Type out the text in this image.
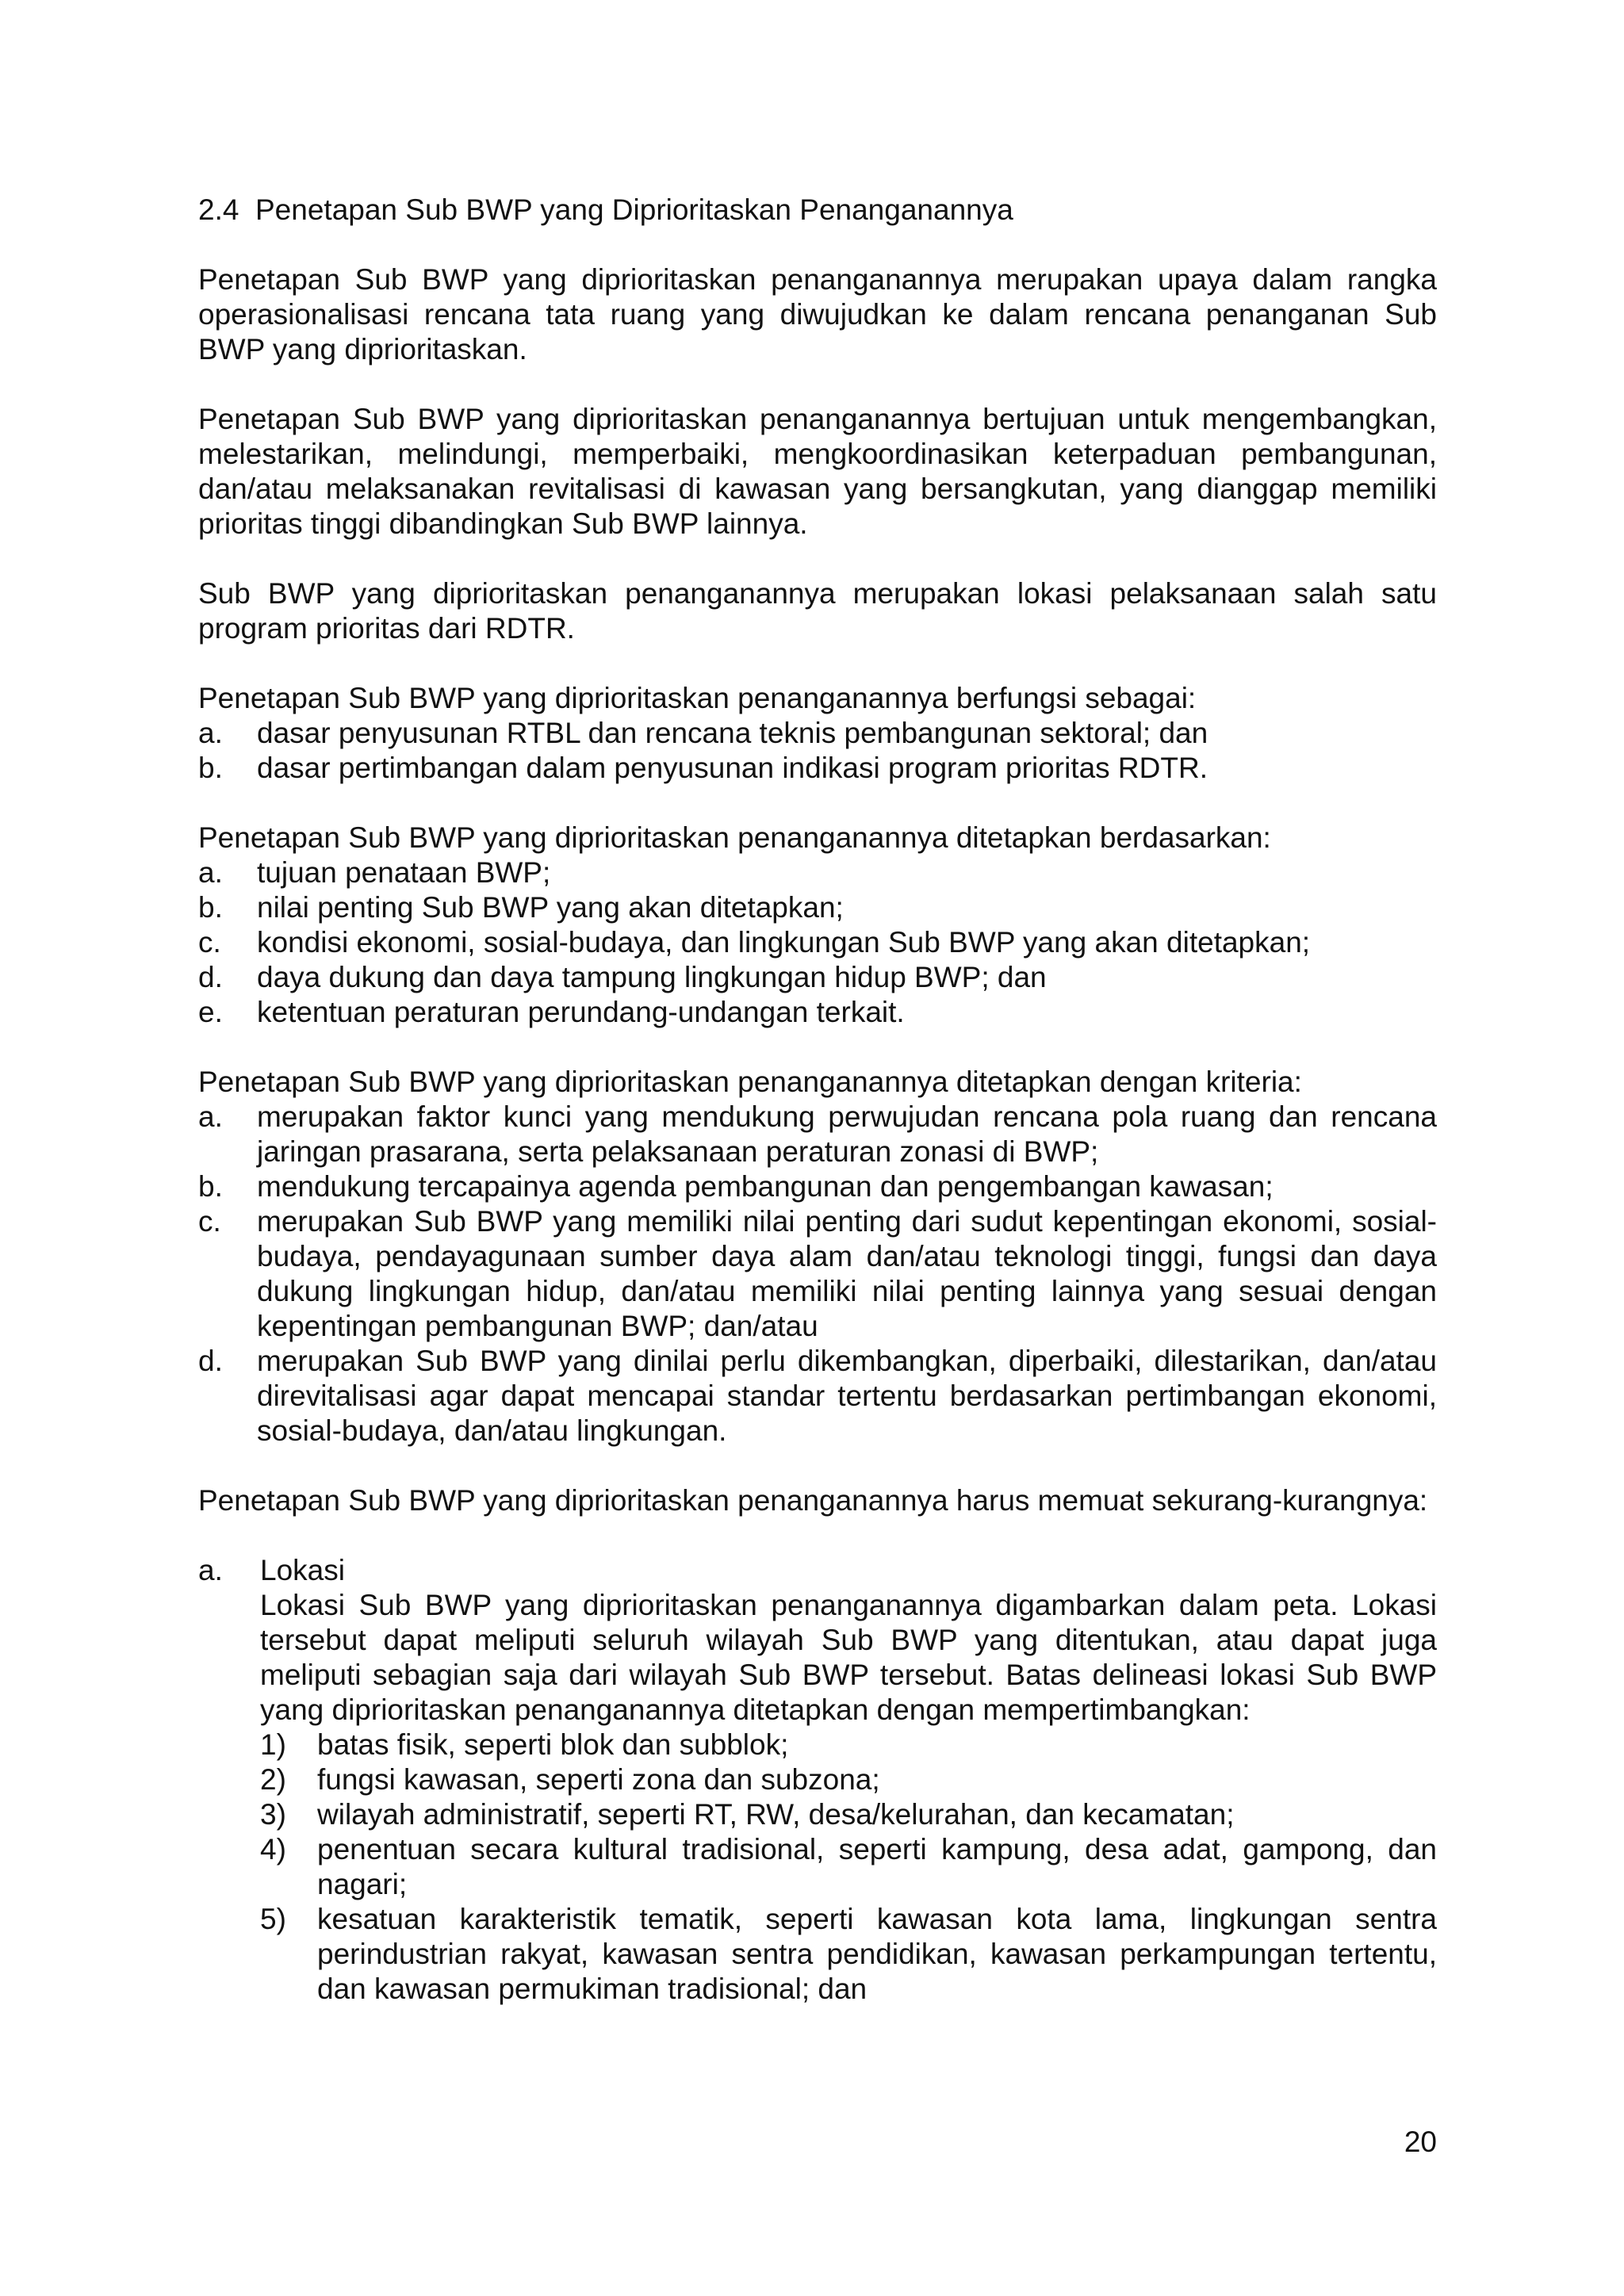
2.4 Penetapan Sub BWP yang Diprioritaskan Penanganannya

Penetapan Sub BWP yang diprioritaskan penanganannya merupakan upaya dalam rangka operasionalisasi rencana tata ruang yang diwujudkan ke dalam rencana penanganan Sub BWP yang diprioritaskan.

Penetapan Sub BWP yang diprioritaskan penanganannya bertujuan untuk mengembangkan, melestarikan, melindungi, memperbaiki, mengkoordinasikan keterpaduan pembangunan, dan/atau melaksanakan revitalisasi di kawasan yang bersangkutan, yang dianggap memiliki prioritas tinggi dibandingkan Sub BWP lainnya.

Sub BWP yang diprioritaskan penanganannya merupakan lokasi pelaksanaan salah satu program prioritas dari RDTR.

Penetapan Sub BWP yang diprioritaskan penanganannya berfungsi sebagai:

a.	dasar penyusunan RTBL dan rencana teknis pembangunan sektoral; dan
b.	dasar pertimbangan dalam penyusunan indikasi program prioritas RDTR.

Penetapan Sub BWP yang diprioritaskan penanganannya ditetapkan berdasarkan:

a.	tujuan penataan BWP;
b.	nilai penting Sub BWP yang akan ditetapkan;
c.	kondisi ekonomi, sosial-budaya, dan lingkungan Sub BWP yang akan ditetapkan;
d.	daya dukung dan daya tampung lingkungan hidup BWP; dan
e.	ketentuan peraturan perundang-undangan terkait.

Penetapan Sub BWP yang diprioritaskan penanganannya ditetapkan dengan kriteria:

a.	merupakan faktor kunci yang mendukung perwujudan rencana pola ruang dan rencana jaringan prasarana, serta pelaksanaan peraturan zonasi di BWP;
b.	mendukung tercapainya agenda pembangunan dan pengembangan kawasan;
c.	merupakan Sub BWP yang memiliki nilai penting dari sudut kepentingan ekonomi, sosial-budaya, pendayagunaan sumber daya alam dan/atau teknologi tinggi, fungsi dan daya dukung lingkungan hidup, dan/atau memiliki nilai penting lainnya yang sesuai dengan kepentingan pembangunan BWP; dan/atau
d.	merupakan Sub BWP yang dinilai perlu dikembangkan, diperbaiki, dilestarikan, dan/atau direvitalisasi agar dapat mencapai standar tertentu berdasarkan pertimbangan ekonomi, sosial-budaya, dan/atau lingkungan.

Penetapan Sub BWP yang diprioritaskan penanganannya harus memuat sekurang-kurangnya:

a.	Lokasi
Lokasi Sub BWP yang diprioritaskan penanganannya digambarkan dalam peta. Lokasi tersebut dapat meliputi seluruh wilayah Sub BWP yang ditentukan, atau dapat juga meliputi sebagian saja dari wilayah Sub BWP tersebut. Batas delineasi lokasi Sub BWP yang diprioritaskan penanganannya ditetapkan dengan mempertimbangkan:
1)	batas fisik, seperti blok dan subblok;
2)	fungsi kawasan, seperti zona dan subzona;
3)	wilayah administratif, seperti RT, RW, desa/kelurahan, dan kecamatan;
4)	penentuan secara kultural tradisional, seperti kampung, desa adat, gampong, dan nagari;
5)	kesatuan karakteristik tematik, seperti kawasan kota lama, lingkungan sentra perindustrian rakyat, kawasan sentra pendidikan, kawasan perkampungan tertentu, dan kawasan permukiman tradisional; dan
20
